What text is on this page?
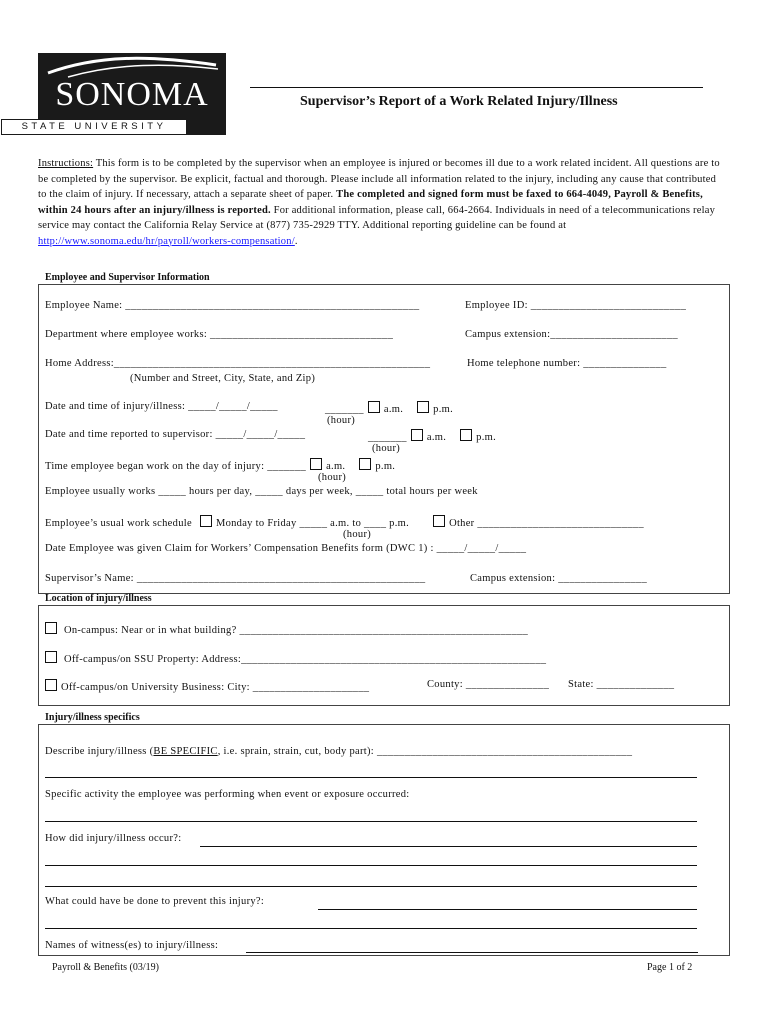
SONOMA
STATE UNIVERSITY
Supervisor’s Report of a Work Related Injury/Illness
Instructions: This form is to be completed by the supervisor when an employee is injured or becomes ill due to a work related incident. All questions are to be completed by the supervisor. Be explicit, factual and thorough. Please include all information related to the injury, including any cause that contributed to the claim of injury. If necessary, attach a separate sheet of paper. The completed and signed form must be faxed to 664-4049, Payroll & Benefits, within 24 hours after an injury/illness is reported. For additional information, please call, 664-2664. Individuals in need of a telecommunications relay service may contact the California Relay Service at (877) 735-2929 TTY. Additional reporting guideline can be found at http://www.sonoma.edu/hr/payroll/workers-compensation/.
Employee and Supervisor Information
Employee Name: _____________________________________________________	Employee ID: ____________________________
Department where employee works: _________________________________	Campus extension:_______________________
Home Address:_________________________________________________________	Home telephone number: _______________
(Number and Street, City, State, and Zip)
Date and time of injury/illness: _____/_____/_____	_______ a.m.	p.m.
(hour)
Date and time reported to supervisor: _____/_____/_____	_______ a.m.	p.m.
(hour)
Time employee began work on the day of injury: _______ a.m.	p.m.
(hour)
Employee usually works _____ hours per day, _____ days per week, _____ total hours per week
Employee’s usual work schedule Monday to Friday _____ a.m. to ____ p.m.	Other ______________________________
(hour)
Date Employee was given Claim for Workers’ Compensation Benefits form (DWC 1) : _____/_____/_____
Supervisor’s Name: ____________________________________________________	Campus extension: ________________
Location of injury/illness
On-campus: Near or in what building? ____________________________________________________
Off-campus/on SSU Property: Address:_______________________________________________________
Off-campus/on University Business: City: _____________________	County: _______________ State: ______________
Injury/illness specifics
Describe injury/illness (BE SPECIFIC, i.e. sprain, strain, cut, body part): ______________________________________________
Specific activity the employee was performing when event or exposure occurred:
How did injury/illness occur?:
What could have be done to prevent this injury?:
Names of witness(es) to injury/illness:
Payroll & Benefits (03/19)	Page 1 of 2
